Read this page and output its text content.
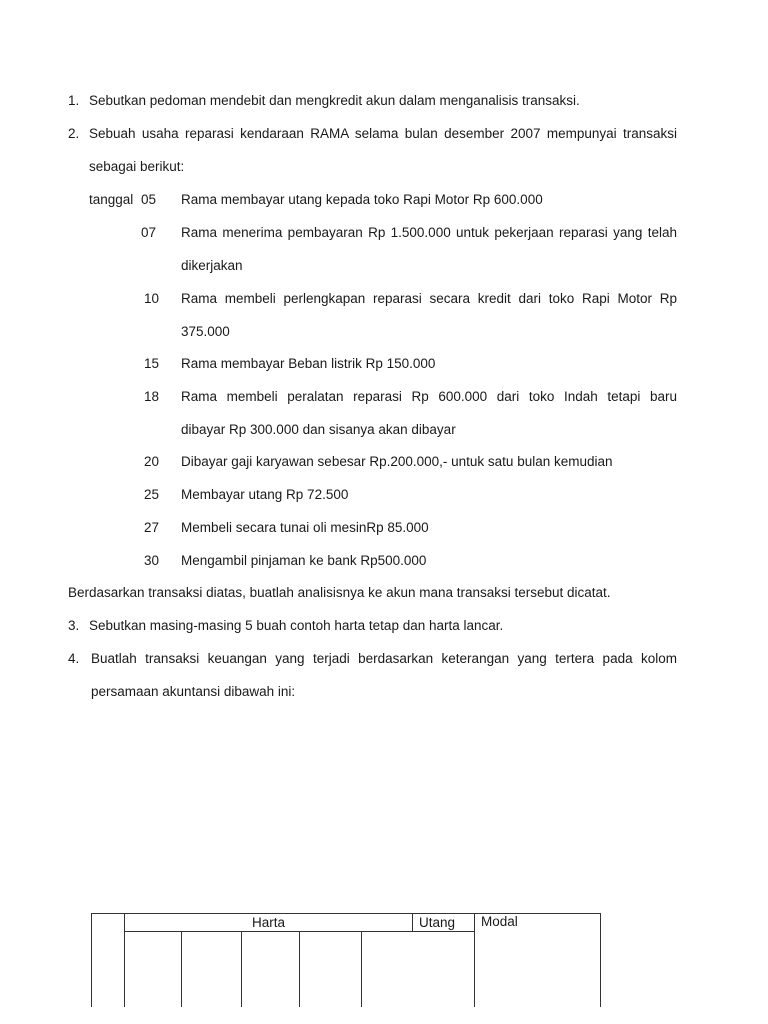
1. Sebutkan pedoman mendebit dan mengkredit akun dalam menganalisis transaksi.
2. Sebuah usaha reparasi kendaraan RAMA selama bulan desember 2007 mempunyai transaksi
sebagai berikut:
tanggal 05 Rama membayar utang kepada toko Rapi Motor Rp 600.000
07 Rama menerima pembayaran Rp 1.500.000 untuk pekerjaan reparasi yang telah
dikerjakan
10 Rama membeli perlengkapan reparasi secara kredit dari toko Rapi Motor Rp
375.000
15 Rama membayar Beban listrik Rp 150.000
18 Rama membeli peralatan reparasi Rp 600.000 dari toko Indah tetapi baru
dibayar Rp 300.000 dan sisanya akan dibayar
20 Dibayar gaji karyawan sebesar Rp.200.000,- untuk satu bulan kemudian
25 Membayar utang Rp 72.500
27 Membeli secara tunai oli mesinRp 85.000
30 Mengambil pinjaman ke bank Rp500.000
Berdasarkan transaksi diatas, buatlah analisisnya ke akun mana transaksi tersebut dicatat.
3. Sebutkan masing-masing 5 buah contoh harta tetap dan harta lancar.
4. Buatlah transaksi keuangan yang terjadi berdasarkan keterangan yang tertera pada kolom
persamaan akuntansi dibawah ini:
	Harta					Utang	Modal
